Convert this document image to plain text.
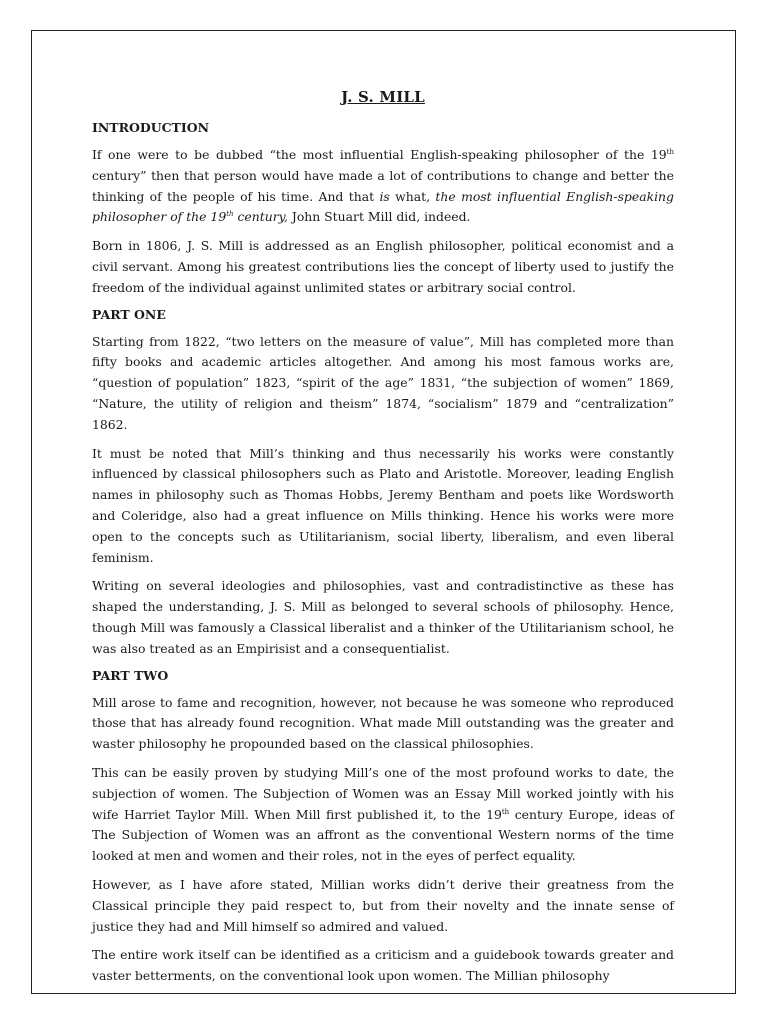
J. S. MILL
INTRODUCTION

If one were to be dubbed “the most influential English-speaking philosopher of the 19th century” then that person would have made a lot of contributions to change and better the thinking of the people of his time. And that is what, the most influential English-speaking philosopher of the 19th century, John Stuart Mill did, indeed.

Born in 1806, J. S. Mill is addressed as an English philosopher, political economist and a civil servant. Among his greatest contributions lies the concept of liberty used to justify the freedom of the individual against unlimited states or arbitrary social control.

PART ONE

Starting from 1822, “two letters on the measure of value”, Mill has completed more than fifty books and academic articles altogether. And among his most famous works are, “question of population” 1823, “spirit of the age” 1831, “the subjection of women” 1869, “Nature, the utility of religion and theism” 1874, “socialism” 1879 and “centralization” 1862.

It must be noted that Mill’s thinking and thus necessarily his works were constantly influenced by classical philosophers such as Plato and Aristotle. Moreover, leading English names in philosophy such as Thomas Hobbs, Jeremy Bentham and poets like Wordsworth and Coleridge, also had a great influence on Mills thinking. Hence his works were more open to the concepts such as Utilitarianism, social liberty, liberalism, and even liberal feminism.

Writing on several ideologies and philosophies, vast and contradistinctive as these has shaped the understanding, J. S. Mill as belonged to several schools of philosophy. Hence, though Mill was famously a Classical liberalist and a thinker of the Utilitarianism school, he was also treated as an Empirisist and a consequentialist.

PART TWO

Mill arose to fame and recognition, however, not because he was someone who reproduced those that has already found recognition. What made Mill outstanding was the greater and waster philosophy he propounded based on the classical philosophies.

This can be easily proven by studying Mill’s one of the most profound works to date, the subjection of women. The Subjection of Women was an Essay Mill worked jointly with his wife Harriet Taylor Mill. When Mill first published it, to the 19th century Europe, ideas of The Subjection of Women was an affront as the conventional Western norms of the time looked at men and women and their roles, not in the eyes of perfect equality.

However, as I have afore stated, Millian works didn’t derive their greatness from the Classical principle they paid respect to, but from their novelty and the innate sense of justice they had and Mill himself so admired and valued.

The entire work itself can be identified as a criticism and a guidebook towards greater and vaster betterments, on the conventional look upon women. The Millian philosophy
